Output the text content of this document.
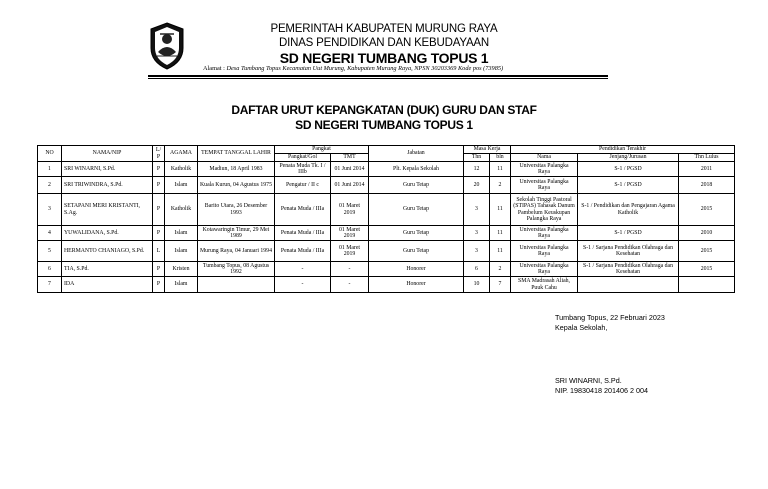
PEMERINTAH KABUPATEN MURUNG RAYA
DINAS PENDIDIKAN DAN KEBUDAYAAN
SD NEGERI TUMBANG TOPUS 1
Alamat : Desa Tumbang Topus Kecamatan Uut Murung, Kabupaten Murung Raya, NPSN 30203369 Kode pos (73985)
DAFTAR URUT KEPANGKATAN (DUK) GURU DAN STAF
SD NEGERI TUMBANG TOPUS 1
NO	NAMA/NIP	L/ P	AGAMA	TEMPAT TANGGAL LAHIR	Pangkat		Jabatan	Masa Kerja		Pendidikan Terakhir		
					Pangkat/Gol	TMT		Thn	bln	Nama	Jenjang/Jurusan	Thn Lulus
1	SRI WINARNI, S.Pd.	P	Katholik	Madiun, 18 April 1983	Penata Muda Tk. I / IIIb	01 Juni 2014	Plt. Kepala Sekolah	12	11	Universitas Palangka Raya	S-1 / PGSD	2011
2	SRI TRIWINDRA, S.Pd.	P	Islam	Kuala Kurun, 04 Agustus 1975	Pengatur / II c	01 Juni 2014	Guru Tetap	20	2	Universitas Palangka Raya	S-1 / PGSD	2018
3	SETAPANI MERI KRISTANTI, S.Ag.	P	Katholik	Barito Utara, 26 Desember 1993	Penata Muda / IIIa	01 Maret 2019	Guru Tetap	3	11	Sekolah Tinggi Pastoral (STIPAS) Tahasak Danum Pambelum Keuskupan Palangka Raya	S-1 / Pendidikan dan Pengajaran Agama Katholik	2015
4	YUWALIDANA, S.Pd.	P	Islam	Kotawaringin Timur, 29 Mei 1989	Penata Muda / IIIa	01 Maret 2019	Guru Tetap	3	11	Universitas Palangka Raya	S-1 / PGSD	2010
5	HERMANTO CHANIAGO, S.Pd.	L	Islam	Murung Raya, 04 Januari 1994	Penata Muda / IIIa	01 Maret 2019	Guru Tetap	3	11	Universitas Palangka Raya	S-1 / Sarjana Pendidikan Olahraga dan Kesehatan	2015
6	TIA, S.Pd.	P	Kristen	Tumbang Topus, 08 Agustus 1992	-	-	Honorer	6	2	Universitas Palangka Raya	S-1 / Sarjana Pendidikan Olahraga dan Kesehatan	2015
7	IDA	P	Islam		-	-	Honorer	10	7	SMA Madrasah Aliah, Puuk Cahu		
Tumbang Topus, 22 Februari 2023
Kepala Sekolah,
SRI WINARNI, S.Pd.
NIP. 19830418 201406 2 004
